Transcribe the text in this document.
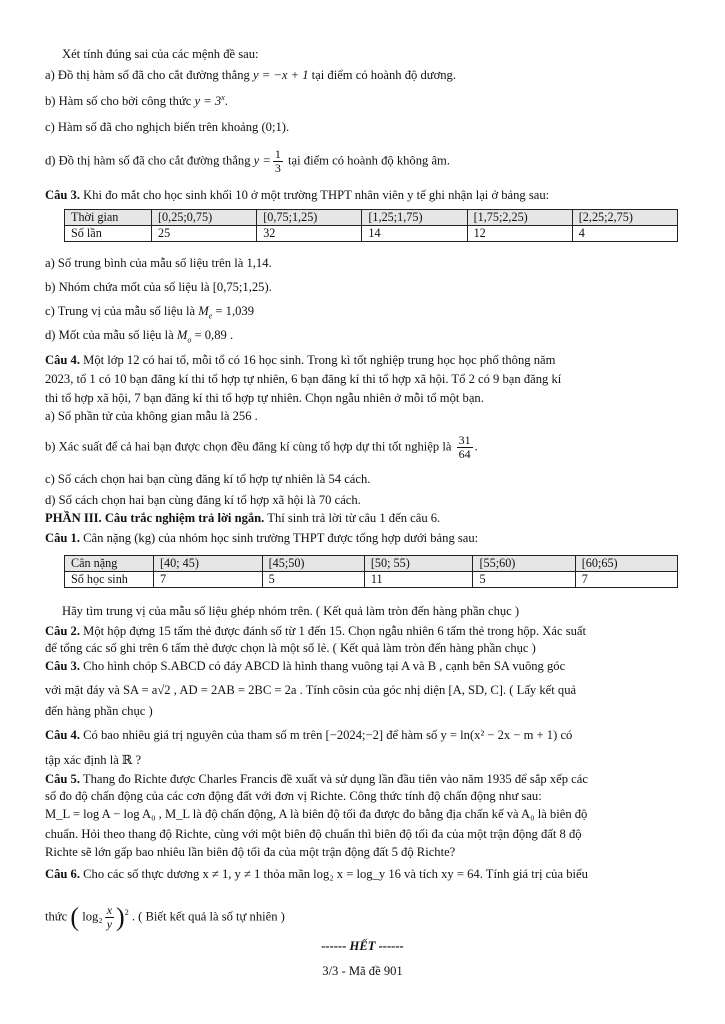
Xét tính đúng sai của các mệnh đề sau:
a) Đồ thị hàm số đã cho cắt đường thẳng y = −x + 1 tại điểm có hoành độ dương.
b) Hàm số cho bởi công thức $y = 3^x$.
c) Hàm số đã cho nghịch biến trên khoảng (0;1).
d) Đồ thị hàm số đã cho cắt đường thẳng $y = \frac{1}{3}$ tại điểm có hoành độ không âm.
Câu 3. Khi đo mắt cho học sinh khối 10 ở một trường THPT nhân viên y tế ghi nhận lại ở bảng sau:
Thời gian	[0,25;0,75)	[0,75;1,25)	[1,25;1,75)	[1,75;2,25)	[2,25;2,75)
Số lần	25	32	14	12	4
a) Số trung bình của mẫu số liệu trên là 1,14.
b) Nhóm chứa mốt của số liệu là [0,75;1,25).
c) Trung vị của mẫu số liệu là $M_e = 1,039$
d) Mốt của mẫu số liệu là $M_o = 0,89$ .
Câu 4. Một lớp 12 có hai tổ, mỗi tổ có 16 học sinh. Trong kì tốt nghiệp trung học học phổ thông năm
2023, tổ 1 có 10 bạn đăng kí thi tổ hợp tự nhiên, 6 bạn đăng kí thi tổ hợp xã hội. Tổ 2 có 9 bạn đăng kí
thi tổ hợp xã hội, 7 bạn đăng kí thi tổ hợp tự nhiên. Chọn ngẫu nhiên ở mỗi tổ một bạn.
a) Số phần tử của không gian mẫu là 256 .
b) Xác suất để cả hai bạn được chọn đều đăng kí cùng tổ hợp dự thi tốt nghiệp là $\frac{31}{64}$ .
c) Số cách chọn hai bạn cùng đăng kí tổ hợp tự nhiên là 54 cách.
d) Số cách chọn hai bạn cùng đăng kí tổ hợp xã hội là 70 cách.
PHẦN III. Câu trắc nghiệm trả lời ngắn. Thí sinh trả lời từ câu 1 đến câu 6.
Câu 1. Cân nặng (kg) của nhóm học sinh trường THPT được tổng hợp dưới bảng sau:
Cân nặng	[40; 45)	[45;50)	[50; 55)	[55;60)	[60;65)
Số học sinh	7	5	11	5	7
Hãy tìm trung vị của mẫu số liệu ghép nhóm trên. ( Kết quả làm tròn đến hàng phần chục )
Câu 2. Một hộp đựng 15 tấm thẻ được đánh số từ 1 đến 15. Chọn ngẫu nhiên 6 tấm thẻ trong hộp. Xác suất
để tổng các số ghi trên 6 tấm thẻ được chọn là một số lẻ. ( Kết quả làm tròn đến hàng phần chục )
Câu 3. Cho hình chóp S.ABCD có đáy ABCD là hình thang vuông tại A và B , cạnh bên SA vuông góc
với mặt đáy và SA = a√2 , AD = 2AB = 2BC = 2a . Tính côsin của góc nhị diện [A, SD, C]. ( Lấy kết quả
đến hàng phần chục )
Câu 4. Có bao nhiêu giá trị nguyên của tham số m trên [−2024;−2] để hàm số y = ln(x² − 2x − m + 1) có
tập xác định là ℝ ?
Câu 5. Thang đo Richte được Charles Francis đề xuất và sử dụng lần đầu tiên vào năm 1935 để sắp xếp các
số đo độ chấn động của các cơn động đất với đơn vị Richte. Công thức tính độ chấn động như sau:
M_L = log A − log A₀ , M_L là độ chấn động, A là biên độ tối đa được đo bằng địa chấn kế và A₀ là biên độ
chuẩn. Hỏi theo thang độ Richte, cùng với một biên độ chuẩn thì biên độ tối đa của một trận động đất 8 độ
Richte sẽ lớn gấp bao nhiêu lần biên độ tối đa của một trận động đất 5 độ Richte?
Câu 6. Cho các số thực dương x ≠ 1, y ≠ 1 thỏa mãn log₂ x = log_y 16 và tích xy = 64. Tính giá trị của biểu
thức ( $\log_2 \frac{x}{y} )^2$ . ( Biết kết quả là số tự nhiên )
------ HẾT ------
3/3 - Mã đề 901
